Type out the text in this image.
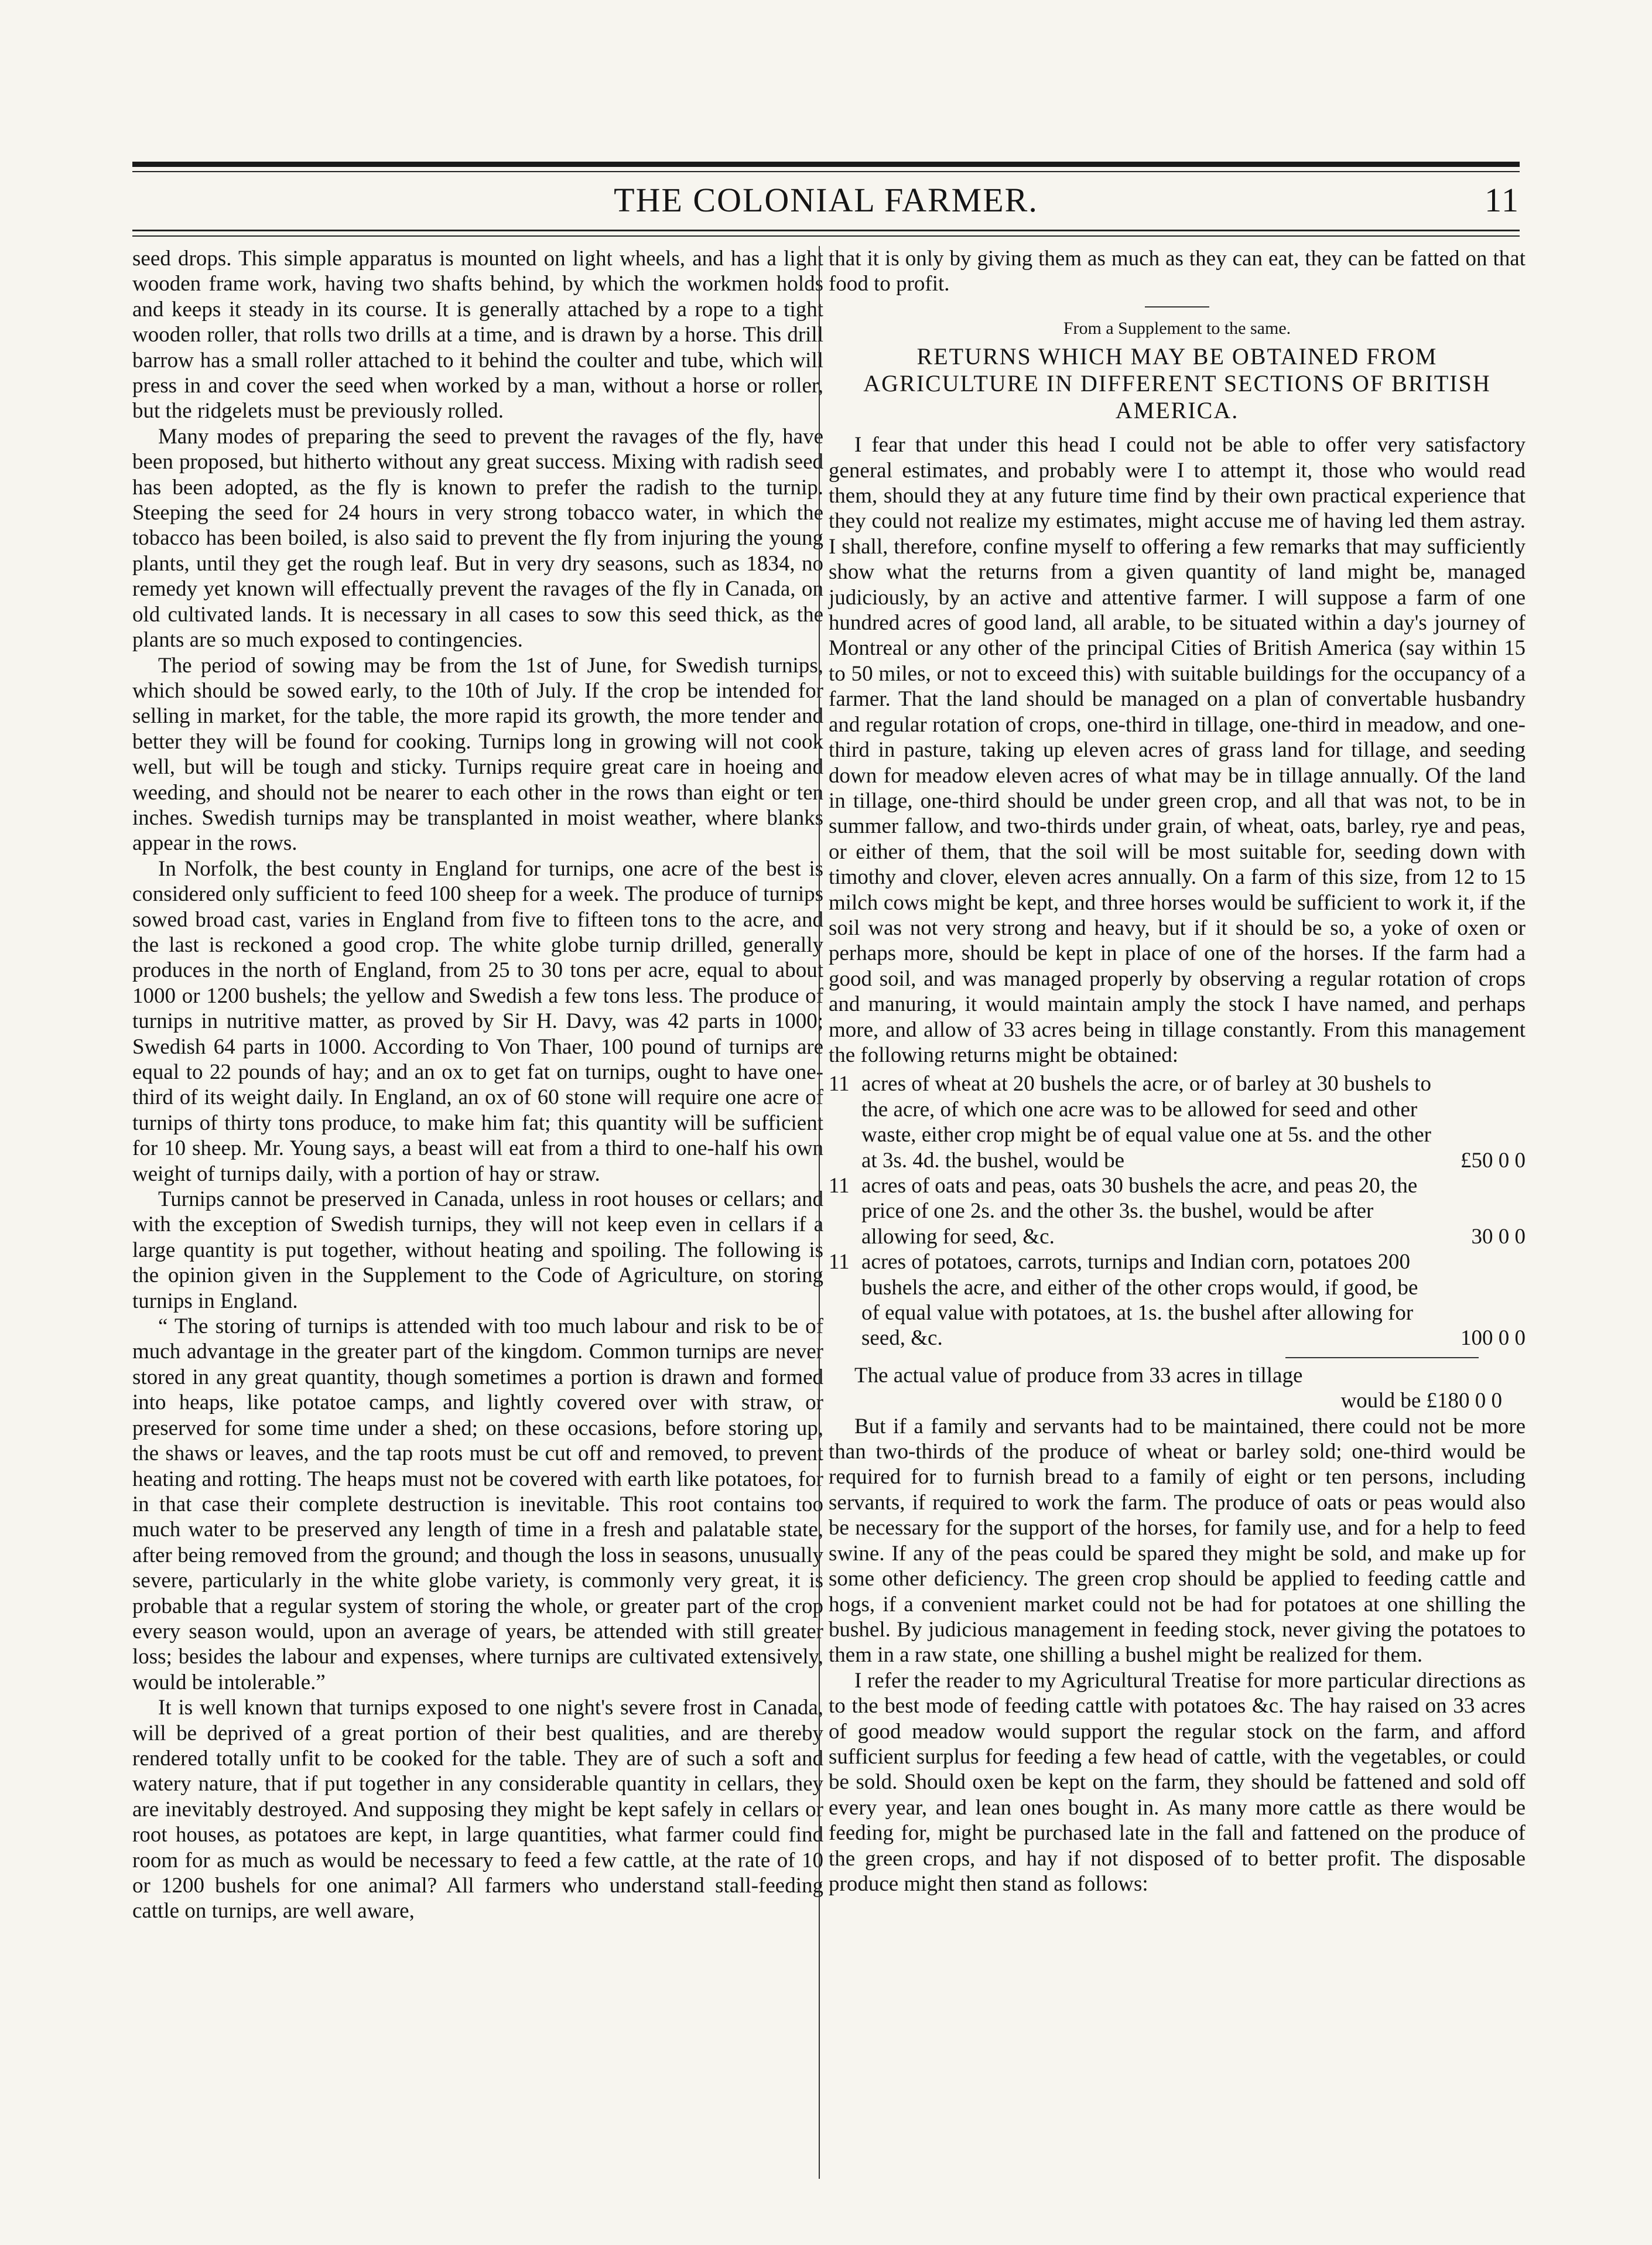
THE COLONIAL FARMER.	11

seed drops. This simple apparatus is mounted on light wheels, and has a light wooden frame work, having two shafts behind, by which the workmen holds and keeps it steady in its course. It is generally attached by a rope to a tight wooden roller, that rolls two drills at a time, and is drawn by a horse. This drill barrow has a small roller attached to it behind the coulter and tube, which will press in and cover the seed when worked by a man, without a horse or roller, but the ridgelets must be previously rolled.

Many modes of preparing the seed to prevent the ravages of the fly, have been proposed, but hitherto without any great success. Mixing with radish seed has been adopted, as the fly is known to prefer the radish to the turnip. Steeping the seed for 24 hours in very strong tobacco water, in which the tobacco has been boiled, is also said to prevent the fly from injuring the young plants, until they get the rough leaf. But in very dry seasons, such as 1834, no remedy yet known will effectually prevent the ravages of the fly in Canada, on old cultivated lands. It is necessary in all cases to sow this seed thick, as the plants are so much exposed to contingencies.

The period of sowing may be from the 1st of June, for Swedish turnips, which should be sowed early, to the 10th of July. If the crop be intended for selling in market, for the table, the more rapid its growth, the more tender and better they will be found for cooking. Turnips long in growing will not cook well, but will be tough and sticky. Turnips require great care in hoeing and weeding, and should not be nearer to each other in the rows than eight or ten inches. Swedish turnips may be transplanted in moist weather, where blanks appear in the rows.

In Norfolk, the best county in England for turnips, one acre of the best is considered only sufficient to feed 100 sheep for a week. The produce of turnips sowed broad cast, varies in England from five to fifteen tons to the acre, and the last is reckoned a good crop. The white globe turnip drilled, generally produces in the north of England, from 25 to 30 tons per acre, equal to about 1000 or 1200 bushels; the yellow and Swedish a few tons less. The produce of turnips in nutritive matter, as proved by Sir H. Davy, was 42 parts in 1000; Swedish 64 parts in 1000. According to Von Thaer, 100 pound of turnips are equal to 22 pounds of hay; and an ox to get fat on turnips, ought to have one-third of its weight daily. In England, an ox of 60 stone will require one acre of turnips of thirty tons produce, to make him fat; this quantity will be sufficient for 10 sheep. Mr. Young says, a beast will eat from a third to one-half his own weight of turnips daily, with a portion of hay or straw.

Turnips cannot be preserved in Canada, unless in root houses or cellars; and with the exception of Swedish turnips, they will not keep even in cellars if a large quantity is put together, without heating and spoiling. The following is the opinion given in the Supplement to the Code of Agriculture, on storing turnips in England.

“ The storing of turnips is attended with too much labour and risk to be of much advantage in the greater part of the kingdom. Common turnips are never stored in any great quantity, though sometimes a portion is drawn and formed into heaps, like potatoe camps, and lightly covered over with straw, or preserved for some time under a shed; on these occasions, before storing up, the shaws or leaves, and the tap roots must be cut off and removed, to prevent heating and rotting. The heaps must not be covered with earth like potatoes, for in that case their complete destruction is inevitable. This root contains too much water to be preserved any length of time in a fresh and palatable state, after being removed from the ground; and though the loss in seasons, unusually severe, particularly in the white globe variety, is commonly very great, it is probable that a regular system of storing the whole, or greater part of the crop every season would, upon an average of years, be attended with still greater loss; besides the labour and expenses, where turnips are cultivated extensively, would be intolerable.”

It is well known that turnips exposed to one night's severe frost in Canada, will be deprived of a great portion of their best qualities, and are thereby rendered totally unfit to be cooked for the table. They are of such a soft and watery nature, that if put together in any considerable quantity in cellars, they are inevitably destroyed. And supposing they might be kept safely in cellars or root houses, as potatoes are kept, in large quantities, what farmer could find room for as much as would be necessary to feed a few cattle, at the rate of 10 or 1200 bushels for one animal? All farmers who understand stall-feeding cattle on turnips, are well aware,

that it is only by giving them as much as they can eat, they can be fatted on that food to profit.

From a Supplement to the same.
RETURNS WHICH MAY BE OBTAINED FROM AGRICULTURE IN DIFFERENT SECTIONS OF BRITISH AMERICA.

I fear that under this head I could not be able to offer very satisfactory general estimates, and probably were I to attempt it, those who would read them, should they at any future time find by their own practical experience that they could not realize my estimates, might accuse me of having led them astray. I shall, therefore, confine myself to offering a few remarks that may sufficiently show what the returns from a given quantity of land might be, managed judiciously, by an active and attentive farmer. I will suppose a farm of one hundred acres of good land, all arable, to be situated within a day's journey of Montreal or any other of the principal Cities of British America (say within 15 to 50 miles, or not to exceed this) with suitable buildings for the occupancy of a farmer. That the land should be managed on a plan of convertable husbandry and regular rotation of crops, one-third in tillage, one-third in meadow, and one-third in pasture, taking up eleven acres of grass land for tillage, and seeding down for meadow eleven acres of what may be in tillage annually. Of the land in tillage, one-third should be under green crop, and all that was not, to be in summer fallow, and two-thirds under grain, of wheat, oats, barley, rye and peas, or either of them, that the soil will be most suitable for, seeding down with timothy and clover, eleven acres annually. On a farm of this size, from 12 to 15 milch cows might be kept, and three horses would be sufficient to work it, if the soil was not very strong and heavy, but if it should be so, a yoke of oxen or perhaps more, should be kept in place of one of the horses. If the farm had a good soil, and was managed properly by observing a regular rotation of crops and manuring, it would maintain amply the stock I have named, and perhaps more, and allow of 33 acres being in tillage constantly. From this management the following returns might be obtained:

11 acres of wheat at 20 bushels the acre, or of barley at 30 bushels to the acre, of which one acre was to be allowed for seed and other waste, either crop might be of equal value one at 5s. and the other at 3s. 4d. the bushel, would be	£50 0 0
11 acres of oats and peas, oats 30 bushels the acre, and peas 20, the price of one 2s. and the other 3s. the bushel, would be after allowing for seed, &c.	30 0 0
11 acres of potatoes, carrots, turnips and Indian corn, potatoes 200 bushels the acre, and either of the other crops would, if good, be of equal value with potatoes, at 1s. the bushel after allowing for seed, &c.	100 0 0

The actual value of produce from 33 acres in tillage

would be £180 0 0

But if a family and servants had to be maintained, there could not be more than two-thirds of the produce of wheat or barley sold; one-third would be required for to furnish bread to a family of eight or ten persons, including servants, if required to work the farm. The produce of oats or peas would also be necessary for the support of the horses, for family use, and for a help to feed swine. If any of the peas could be spared they might be sold, and make up for some other deficiency. The green crop should be applied to feeding cattle and hogs, if a convenient market could not be had for potatoes at one shilling the bushel. By judicious management in feeding stock, never giving the potatoes to them in a raw state, one shilling a bushel might be realized for them.

I refer the reader to my Agricultural Treatise for more particular directions as to the best mode of feeding cattle with potatoes &c. The hay raised on 33 acres of good meadow would support the regular stock on the farm, and afford sufficient surplus for feeding a few head of cattle, with the vegetables, or could be sold. Should oxen be kept on the farm, they should be fattened and sold off every year, and lean ones bought in. As many more cattle as there would be feeding for, might be purchased late in the fall and fattened on the produce of the green crops, and hay if not disposed of to better profit. The disposable produce might then stand as follows:
